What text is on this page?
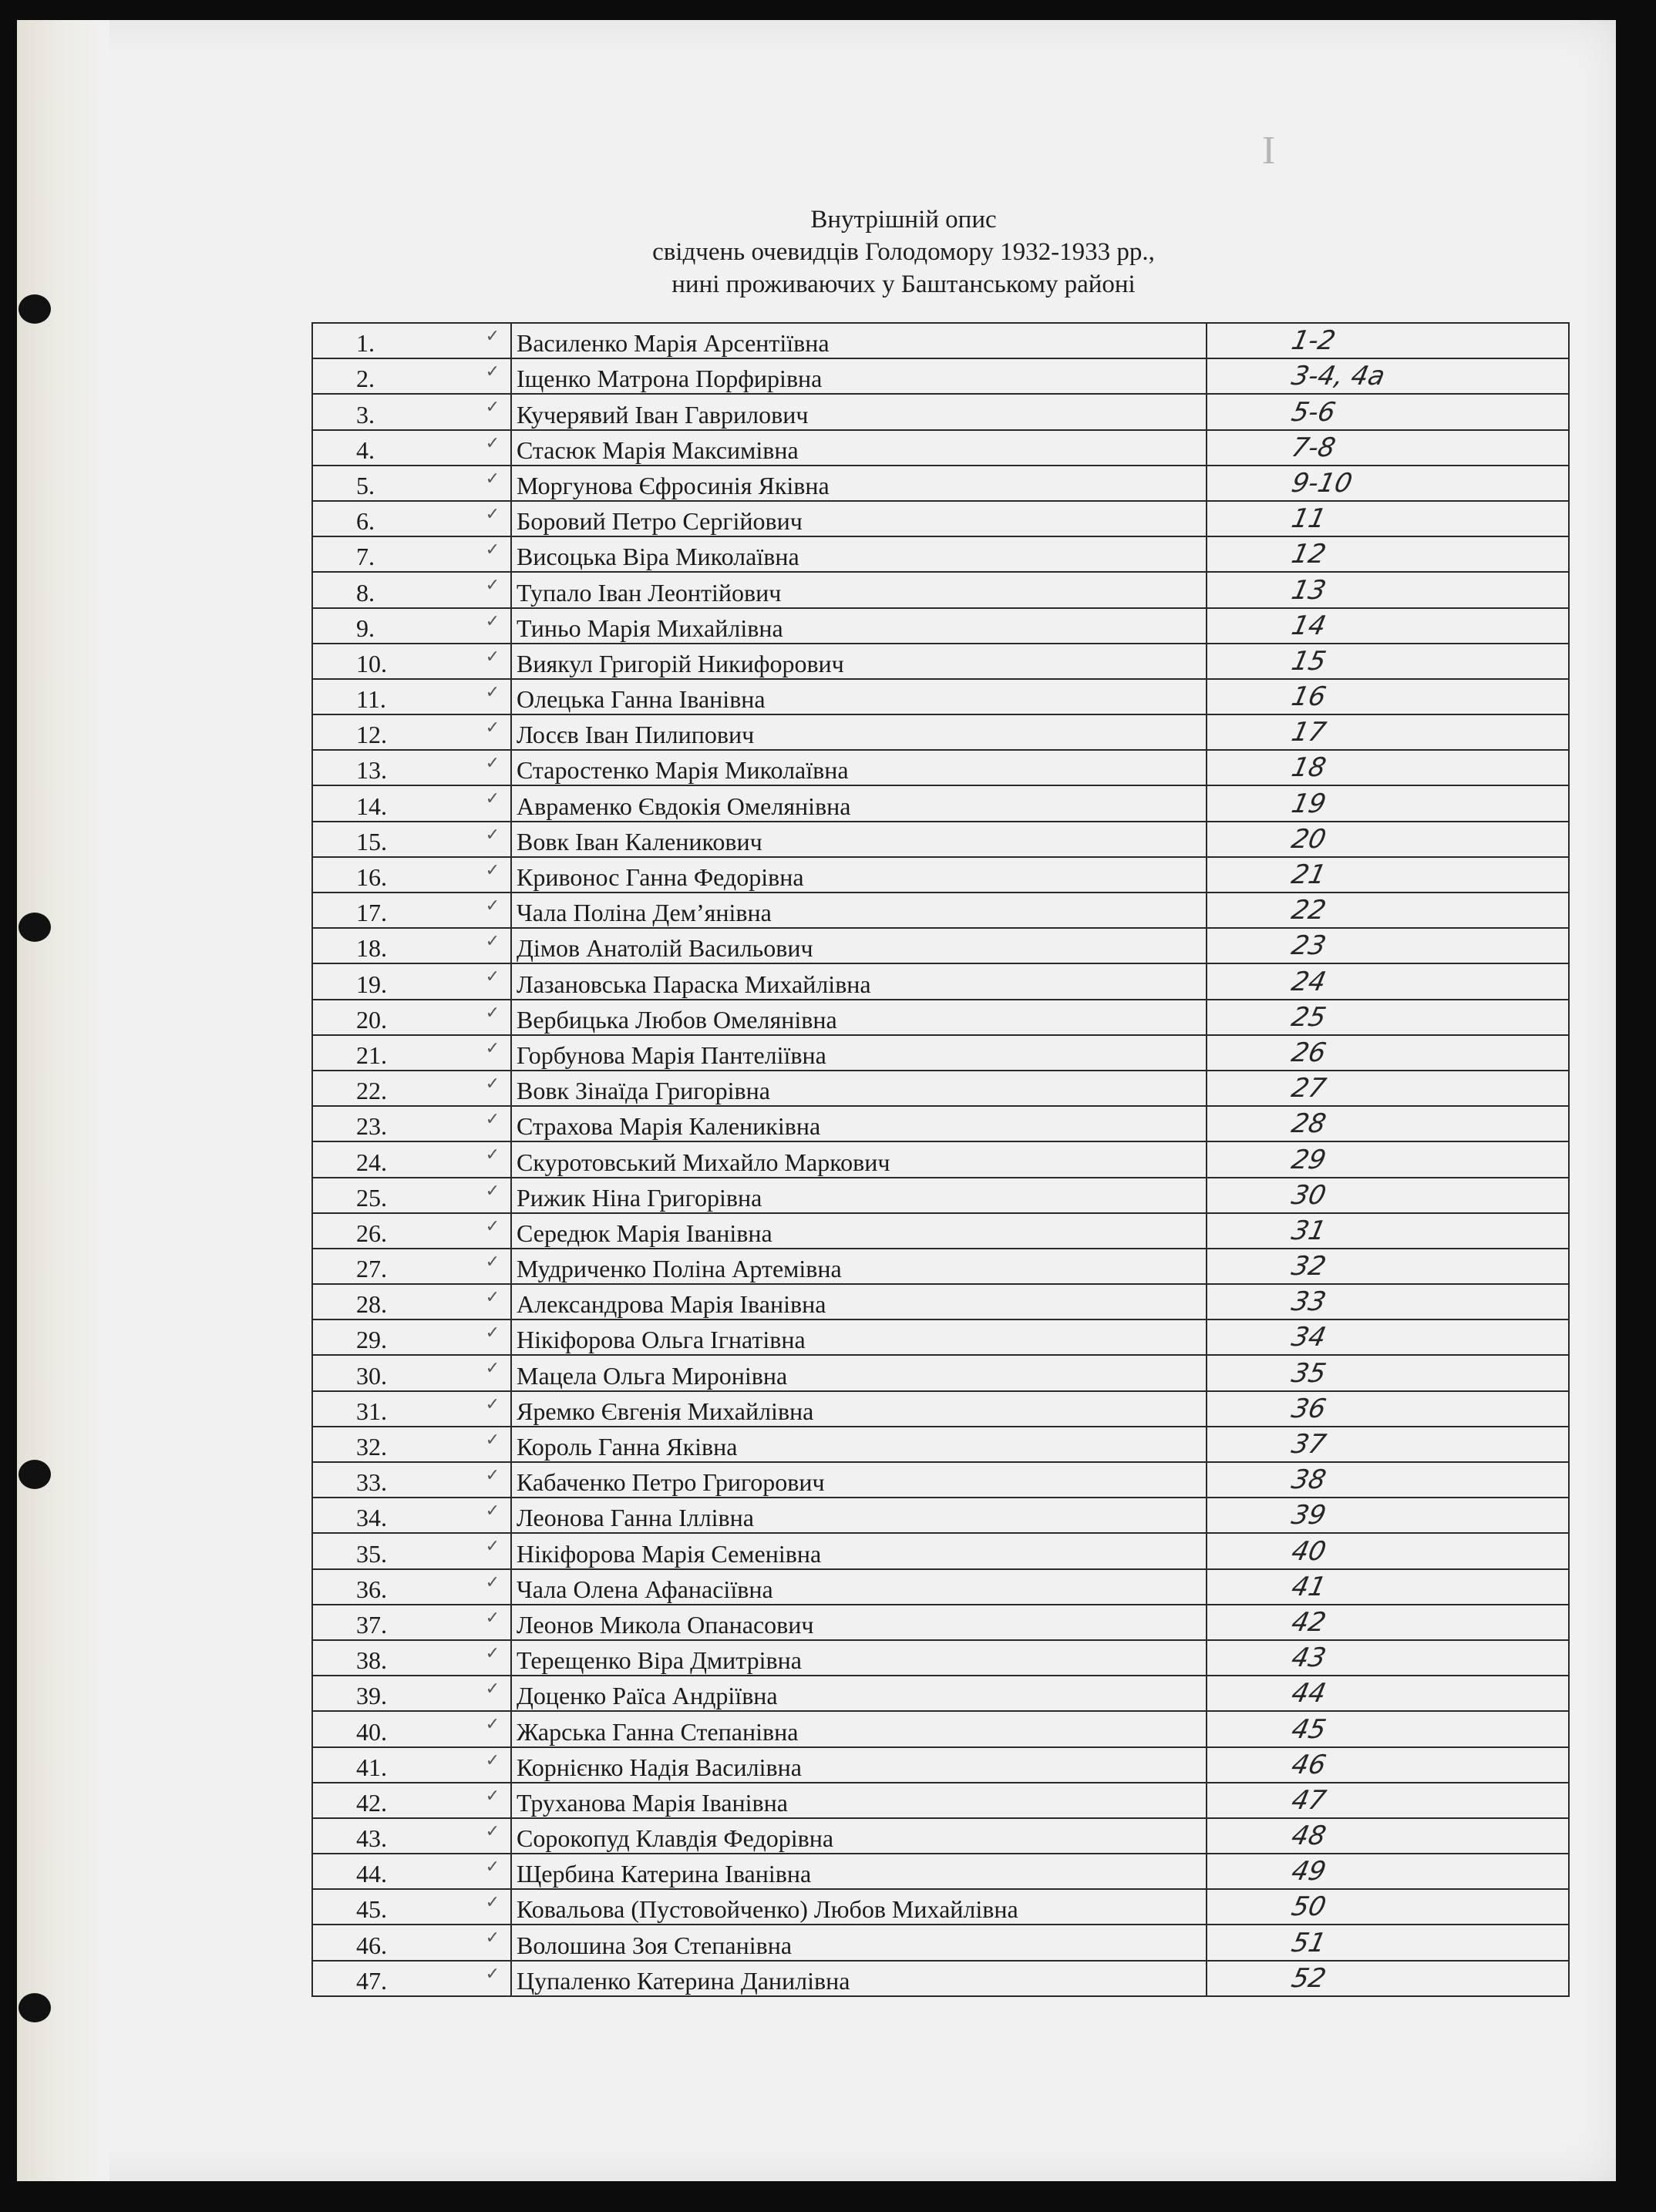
I
Внутрішній опис
свідчень очевидців Голодомору 1932-1933 рр.,
нині проживаючих у Баштанському районі
1. ✓	Василенко Марія Арсентіївна	1-2

2. ✓	Іщенко Матрона Порфирівна	3-4, 4а

3. ✓	Кучерявий Іван Гаврилович	5-6

4. ✓	Стасюк Марія Максимівна	7-8

5. ✓	Моргунова Єфросинія Яківна	9-10

6. ✓	Боровий Петро Сергійович	11

7. ✓	Висоцька Віра Миколаївна	12

8. ✓	Тупало Іван Леонтійович	13

9. ✓	Тиньо Марія Михайлівна	14

10. ✓	Виякул Григорій Никифорович	15

11. ✓	Олецька Ганна Іванівна	16

12. ✓	Лосєв Іван Пилипович	17

13. ✓	Старостенко Марія Миколаївна	18

14. ✓	Авраменко Євдокія Омелянівна	19

15. ✓	Вовк Іван Каленикович	20

16. ✓	Кривонос Ганна Федорівна	21

17. ✓	Чала Поліна Дем’янівна	22

18. ✓	Дімов Анатолій Васильович	23

19. ✓	Лазановська Параска Михайлівна	24

20. ✓	Вербицька Любов Омелянівна	25

21. ✓	Горбунова Марія Пантеліївна	26

22. ✓	Вовк Зінаїда Григорівна	27

23. ✓	Страхова Марія Калениківна	28

24. ✓	Скуротовський Михайло Маркович	29

25. ✓	Рижик Ніна Григорівна	30

26. ✓	Середюк Марія Іванівна	31

27. ✓	Мудриченко Поліна Артемівна	32

28. ✓	Александрова Марія Іванівна	33

29. ✓	Нікіфорова Ольга Ігнатівна	34

30. ✓	Мацела Ольга Миронівна	35

31. ✓	Яремко Євгенія Михайлівна	36

32. ✓	Король Ганна Яківна	37

33. ✓	Кабаченко Петро Григорович	38

34. ✓	Леонова Ганна Іллівна	39

35. ✓	Нікіфорова Марія Семенівна	40

36. ✓	Чала Олена Афанасіївна	41

37. ✓	Леонов Микола Опанасович	42

38. ✓	Терещенко Віра Дмитрівна	43

39. ✓	Доценко Раїса Андріївна	44

40. ✓	Жарська Ганна Степанівна	45

41. ✓	Корнієнко Надія Василівна	46

42. ✓	Труханова Марія Іванівна	47

43. ✓	Сорокопуд Клавдія Федорівна	48

44. ✓	Щербина Катерина Іванівна	49

45. ✓	Ковальова (Пустовойченко) Любов Михайлівна	50

46. ✓	Волошина Зоя Степанівна	51

47. ✓	Цупаленко Катерина Данилівна	52
